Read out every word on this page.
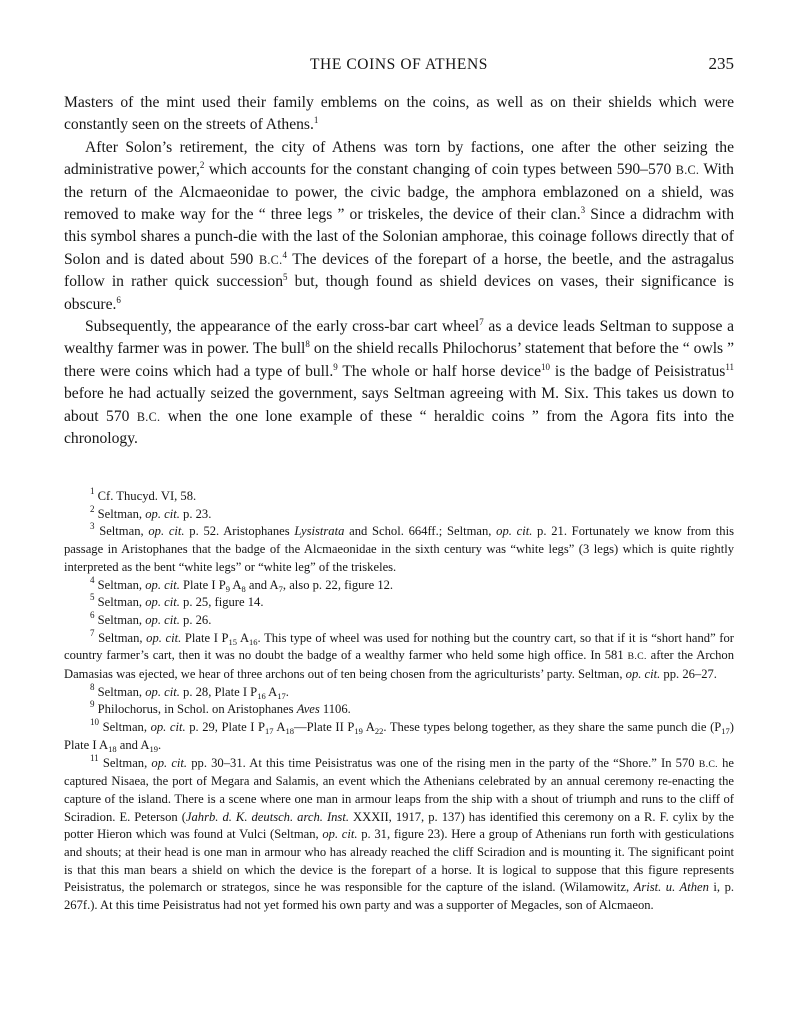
THE COINS OF ATHENS	235

Masters of the mint used their family emblems on the coins, as well as on their shields which were constantly seen on the streets of Athens.$^1$

After Solon’s retirement, the city of Athens was torn by factions, one after the other seizing the administrative power,$^2$ which accounts for the constant changing of coin types between 590–570 B.C. With the return of the Alcmaeonidae to power, the civic badge, the amphora emblazoned on a shield, was removed to make way for the “ three legs ” or triskeles, the device of their clan.$^3$ Since a didrachm with this symbol shares a punch-die with the last of the Solonian amphorae, this coinage follows directly that of Solon and is dated about 590 B.C.$^4$ The devices of the forepart of a horse, the beetle, and the astragalus follow in rather quick succession$^5$ but, though found as shield devices on vases, their significance is obscure.$^6$

Subsequently, the appearance of the early cross-bar cart wheel$^7$ as a device leads Seltman to suppose a wealthy farmer was in power. The bull$^8$ on the shield recalls Philochorus’ statement that before the “ owls ” there were coins which had a type of bull.$^9$ The whole or half horse device$^{10}$ is the badge of Peisistratus$^{11}$ before he had actually seized the government, says Seltman agreeing with M. Six. This takes us down to about 570 B.C. when the one lone example of these “ heraldic coins ” from the Agora fits into the chronology.

$^1$ Cf. Thucyd. VI, 58.

$^2$ Seltman, op. cit. p. 23.

$^3$ Seltman, op. cit. p. 52. Aristophanes Lysistrata and Schol. 664ff.; Seltman, op. cit. p. 21. Fortunately we know from this passage in Aristophanes that the badge of the Alcmaeonidae in the sixth century was “white legs” (3 legs) which is quite rightly interpreted as the bent “white legs” or “white leg” of the triskeles.

$^4$ Seltman, op. cit. Plate I $P_9$ $A_8$ and $A_7$, also p. 22, figure 12.

$^5$ Seltman, op. cit. p. 25, figure 14.

$^6$ Seltman, op. cit. p. 26.

$^7$ Seltman, op. cit. Plate I $P_{15}$ $A_{16}$. This type of wheel was used for nothing but the country cart, so that if it is “short hand” for country farmer’s cart, then it was no doubt the badge of a wealthy farmer who held some high office. In 581 B.C. after the Archon Damasias was ejected, we hear of three archons out of ten being chosen from the agriculturists’ party. Seltman, op. cit. pp. 26–27.

$^8$ Seltman, op. cit. p. 28, Plate I $P_{16}$ $A_{17}$.

$^9$ Philochorus, in Schol. on Aristophanes Aves 1106.

$^{10}$ Seltman, op. cit. p. 29, Plate I $P_{17}$ $A_{18}—Plate$ II $P_{19}$ $A_{22}$. These types belong together, as they share the same punch die $(P_{17})$ Plate I $A_{18}$ and $A_{19}$.

$^{11}$ Seltman, op. cit. pp. 30–31. At this time Peisistratus was one of the rising men in the party of the “Shore.” In 570 B.C. he captured Nisaea, the port of Megara and Salamis, an event which the Athenians celebrated by an annual ceremony re-enacting the capture of the island. There is a scene where one man in armour leaps from the ship with a shout of triumph and runs to the cliff of Sciradion. E. Peterson (Jahrb. d. K. deutsch. arch. Inst. XXXII, 1917, p. 137) has identified this ceremony on a R. F. cylix by the potter Hieron which was found at Vulci (Seltman, op. cit. p. 31, figure 23). Here a group of Athenians run forth with gesticulations and shouts; at their head is one man in armour who has already reached the cliff Sciradion and is mounting it. The significant point is that this man bears a shield on which the device is the forepart of a horse. It is logical to suppose that this figure represents Peisistratus, the polemarch or strategos, since he was responsible for the capture of the island. (Wilamowitz, Arist. u. Athen i, p. 267f.). At this time Peisistratus had not yet formed his own party and was a supporter of Megacles, son of Alcmaeon.
